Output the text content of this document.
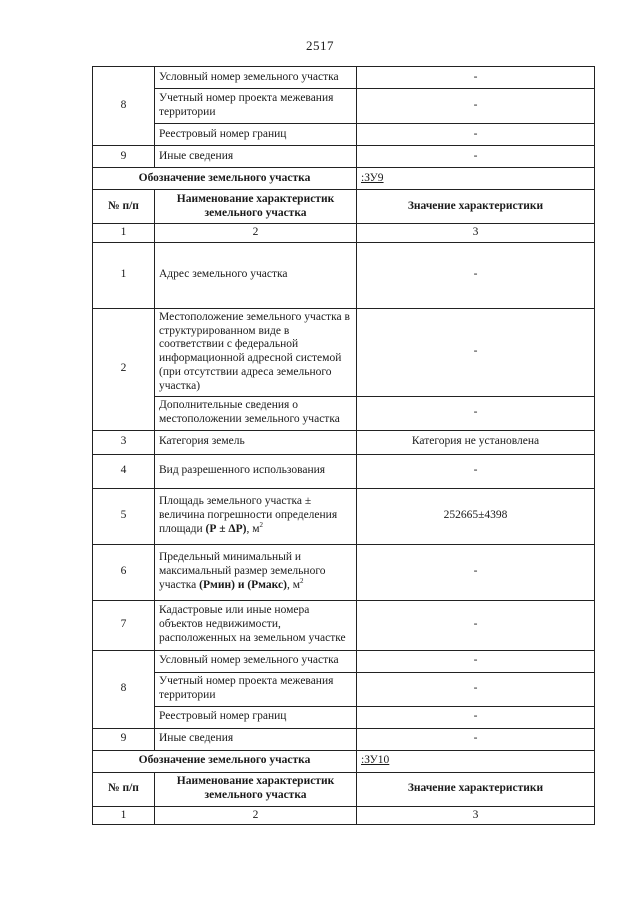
2517
8	Условный номер земельного участка	-
	Учетный номер проекта межевания территории	-
	Реестровый номер границ	-
9	Иные сведения	-
Обозначение земельного участка		:ЗУ9
№ п/п	Наименование характеристик земельного участка	Значение характеристики
1	2	3
1	Адрес земельного участка	-
2	Местоположение земельного участка в структурированном виде в соответствии с федеральной информационной адресной системой (при отсутствии адреса земельного участка)	-
	Дополнительные сведения о местоположении земельного участка	-
3	Категория земель	Категория не установлена
4	Вид разрешенного использования	-
5	Площадь земельного участка ± величина погрешности определения площади (Р ± ΔР), $м^2$	252665±4398
6	Предельный минимальный и максимальный размер земельного участка (Рмин) и (Рмакс), $м^2$	-
7	Кадастровые или иные номера объектов недвижимости, расположенных на земельном участке	-
8	Условный номер земельного участка	-
	Учетный номер проекта межевания территории	-
	Реестровый номер границ	-
9	Иные сведения	-
Обозначение земельного участка		:ЗУ10
№ п/п	Наименование характеристик земельного участка	Значение характеристики
1	2	3
